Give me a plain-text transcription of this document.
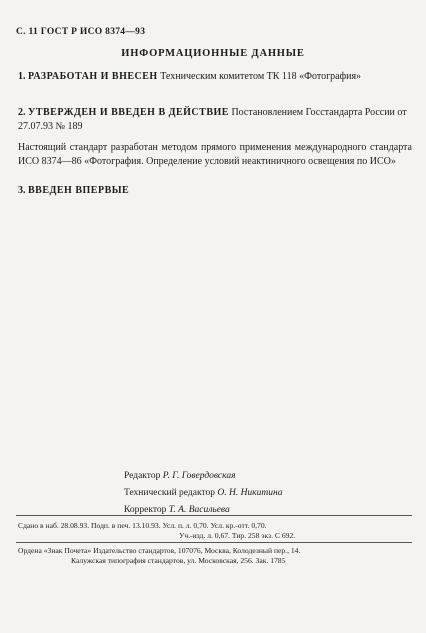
С. 11 ГОСТ Р ИСО 8374—93
ИНФОРМАЦИОННЫЕ ДАННЫЕ
1. РАЗРАБОТАН И ВНЕСЕН Техническим комитетом ТК 118 «Фотография»
2. УТВЕРЖДЕН И ВВЕДЕН В ДЕЙСТВИЕ Постановлением Госстандарта России от 27.07.93 № 189
Настоящий стандарт разработан методом прямого применения международного стандарта ИСО 8374—86 «Фотография. Определение условий неактиничного освещения по ИСО»
3. ВВЕДЕН ВПЕРВЫЕ
Редактор Р. Г. Говердовская
Технический редактор О. Н. Никитина
Корректор Т. А. Васильева
Сдано в наб. 28.08.93. Подп. в печ. 13.10.93. Усл. п. л. 0,70. Усл. кр.-отт. 0,70.
Уч.-изд. л. 0,67. Тир. 258 экз. С 692.
Ордена «Знак Почета» Издательство стандартов, 107076, Москва, Колодезный пер., 14.
Калужская типография стандартов, ул. Московская, 256. Зак. 1785
